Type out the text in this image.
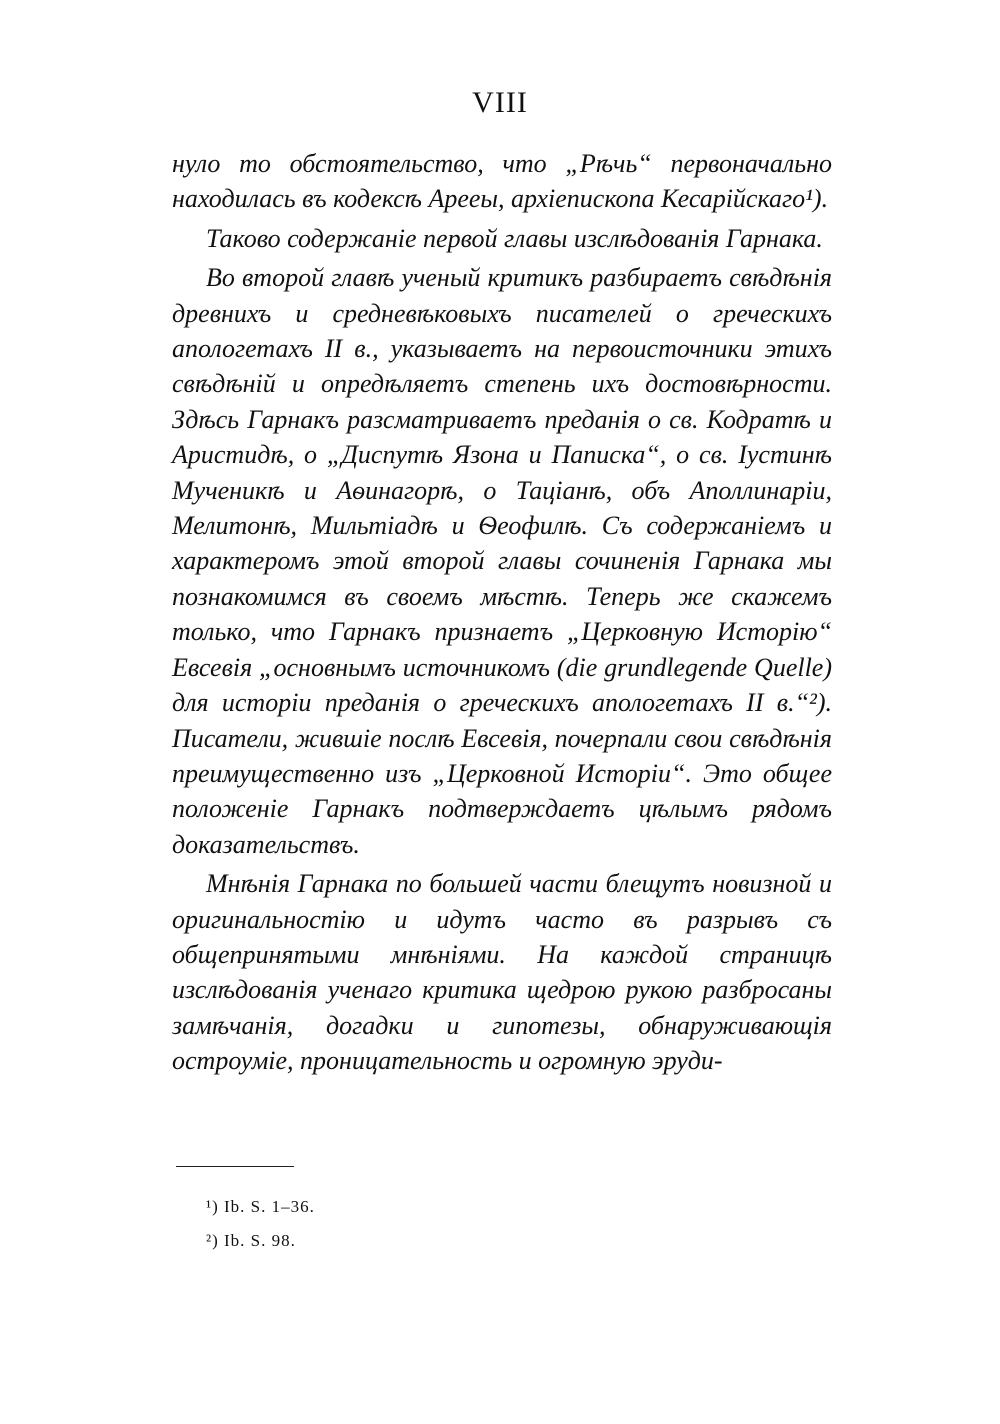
VIII

нуло то обстоятельство, что „Рѣчь“ первоначально находилась въ кодексѣ Арееы, архіепископа Кесарійскаго¹).

Таково содержаніе первой главы изслѣдованія Гарнака.

Во второй главѣ ученый критикъ разбираетъ свѣдѣнія древнихъ и средневѣковыхъ писателей о греческихъ апологетахъ II в., указываетъ на первоисточники этихъ свѣдѣній и опредѣляетъ степень ихъ достовѣрности. Здѣсь Гарнакъ разсматриваетъ преданія о св. Кодратѣ и Аристидѣ, о „Диспутѣ Язона и Паписка“, о св. Іустинѣ Мученикѣ и Аѳинагорѣ, о Таціанѣ, объ Аполлинаріи, Мелитонѣ, Мильтіадѣ и Ѳеофилѣ. Съ содержаніемъ и характеромъ этой второй главы сочиненія Гарнака мы познакомимся въ своемъ мѣстѣ. Теперь же скажемъ только, что Гарнакъ признаетъ „Церковную Исторію“ Евсевія „основнымъ источникомъ (die grundlegende Quelle) для исторіи преданія о греческихъ апологетахъ II в.“²). Писатели, жившіе послѣ Евсевія, почерпали свои свѣдѣнія преимущественно изъ „Церковной Исторіи“. Это общее положеніе Гарнакъ подтверждаетъ цѣлымъ рядомъ доказательствъ.

Мнѣнія Гарнака по большей части блещутъ новизной и оригинальностію и идутъ часто въ разрывъ съ общепринятыми мнѣніями. На каждой страницѣ изслѣдованія ученаго критика щедрою рукою разбросаны замѣчанія, догадки и гипотезы, обнаруживающія остроуміе, проницательность и огромную эруди-

¹) Ib. S. 1–36.
²) Ib. S. 98.
